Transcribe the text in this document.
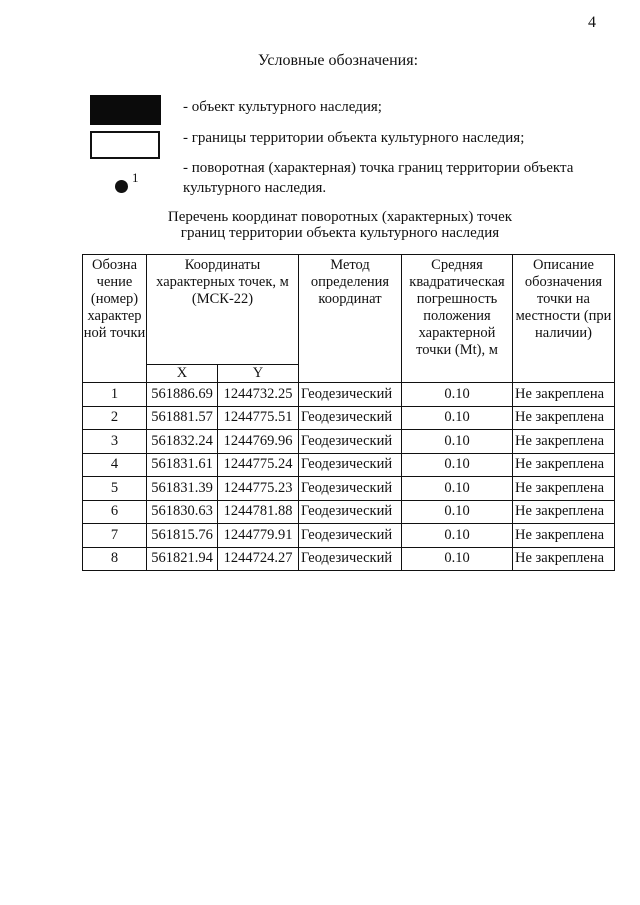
4
Условные обозначения:
- объект культурного наследия;
- границы территории объекта культурного наследия;
1
- поворотная (характерная) точка границ территории объекта культурного наследия.
Перечень координат поворотных (характерных) точек
границ территории объекта культурного наследия
Обозна чение (номер) характер ной точки	Координаты характерных точек, м (МСК-22)		Метод определения координат	Средняя квадратическая погрешность положения характерной точки (Mt), м	Описание обозначения точки на местности (при наличии)
	X	Y			
1	561886.69	1244732.25	Геодезический	0.10	Не закреплена
2	561881.57	1244775.51	Геодезический	0.10	Не закреплена
3	561832.24	1244769.96	Геодезический	0.10	Не закреплена
4	561831.61	1244775.24	Геодезический	0.10	Не закреплена
5	561831.39	1244775.23	Геодезический	0.10	Не закреплена
6	561830.63	1244781.88	Геодезический	0.10	Не закреплена
7	561815.76	1244779.91	Геодезический	0.10	Не закреплена
8	561821.94	1244724.27	Геодезический	0.10	Не закреплена
